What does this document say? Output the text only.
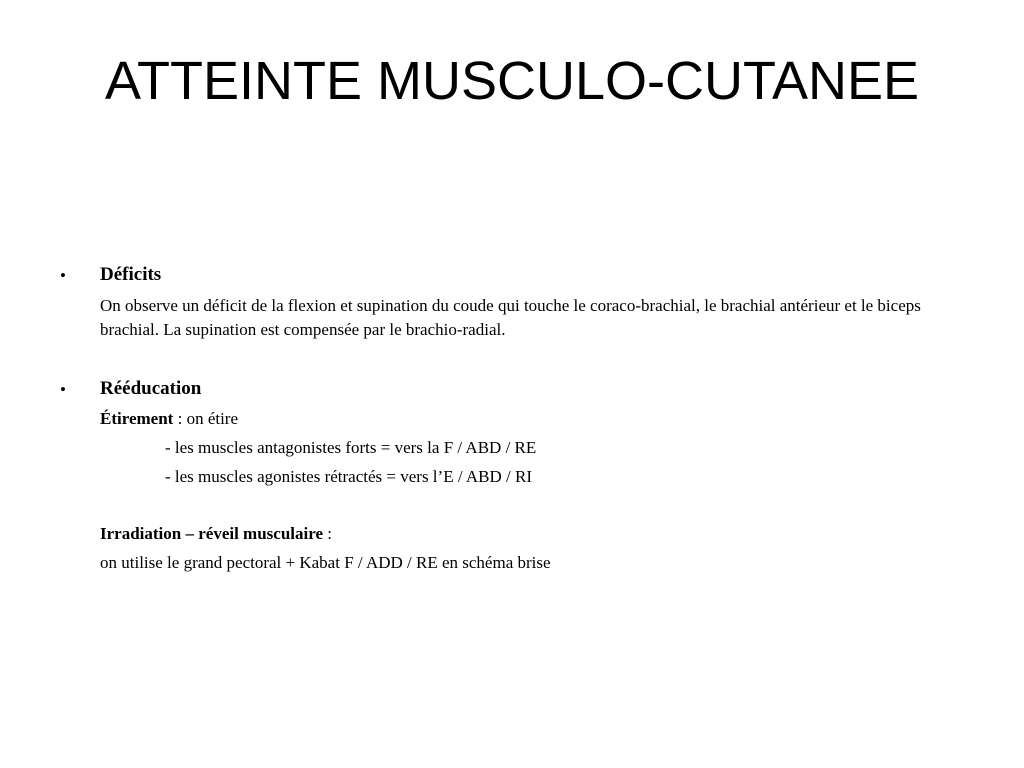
ATTEINTE MUSCULO-CUTANEE
• Déficits
On observe un déficit de la flexion et supination du coude qui touche le coraco-brachial, le brachial antérieur et le biceps brachial. La supination est compensée par le brachio-radial.
• Rééducation
Étirement : on étire
- les muscles antagonistes forts = vers la F / ABD / RE
- les muscles agonistes rétractés = vers l’E / ABD / RI
Irradiation – réveil musculaire :
on utilise le grand pectoral + Kabat F / ADD / RE en schéma brise
